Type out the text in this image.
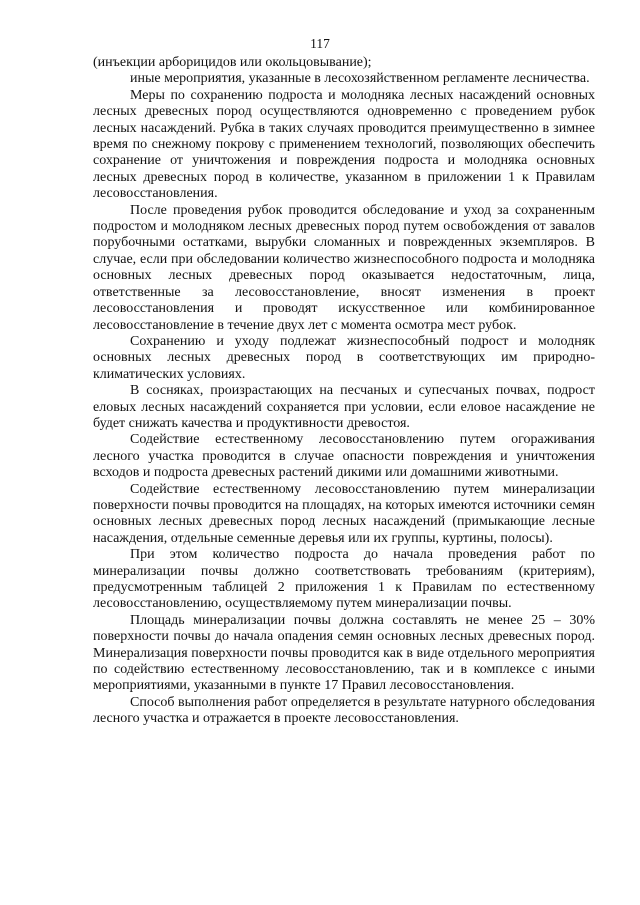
117

(инъекции арборицидов или окольцовывание);

иные мероприятия, указанные в лесохозяйственном регламенте лесничества.

Меры по сохранению подроста и молодняка лесных насаждений основных лесных древесных пород осуществляются одновременно с проведением рубок лесных насаждений. Рубка в таких случаях проводится преимущественно в зимнее время по снежному покрову с применением технологий, позволяющих обеспечить сохранение от уничтожения и повреждения подроста и молодняка основных лесных древесных пород в количестве, указанном в приложении 1 к Правилам лесовосстановления.

После проведения рубок проводится обследование и уход за сохраненным подростом и молодняком лесных древесных пород путем освобождения от завалов порубочными остатками, вырубки сломанных и поврежденных экземпляров. В случае, если при обследовании количество жизнеспособного подроста и молодняка основных лесных древесных пород оказывается недостаточным, лица, ответственные за лесовосстановление, вносят изменения в проект лесовосстановления и проводят искусственное или комбинированное лесовосстановление в течение двух лет с момента осмотра мест рубок.

Сохранению и уходу подлежат жизнеспособный подрост и молодняк основных лесных древесных пород в соответствующих им природно-климатических условиях.

В сосняках, произрастающих на песчаных и супесчаных почвах, подрост еловых лесных насаждений сохраняется при условии, если еловое насаждение не будет снижать качества и продуктивности древостоя.

Содействие естественному лесовосстановлению путем огораживания лесного участка проводится в случае опасности повреждения и уничтожения всходов и подроста древесных растений дикими или домашними животными.

Содействие естественному лесовосстановлению путем минерализации поверхности почвы проводится на площадях, на которых имеются источники семян основных лесных древесных пород лесных насаждений (примыкающие лесные насаждения, отдельные семенные деревья или их группы, куртины, полосы).

При этом количество подроста до начала проведения работ по минерализации почвы должно соответствовать требованиям (критериям), предусмотренным таблицей 2 приложения 1 к Правилам по естественному лесовосстановлению, осуществляемому путем минерализации почвы.

Площадь минерализации почвы должна составлять не менее 25 – 30% поверхности почвы до начала опадения семян основных лесных древесных пород. Минерализация поверхности почвы проводится как в виде отдельного мероприятия по содействию естественному лесовосстановлению, так и в комплексе с иными мероприятиями, указанными в пункте 17 Правил лесовосстановления.

Способ выполнения работ определяется в результате натурного обследования лесного участка и отражается в проекте лесовосстановления.
